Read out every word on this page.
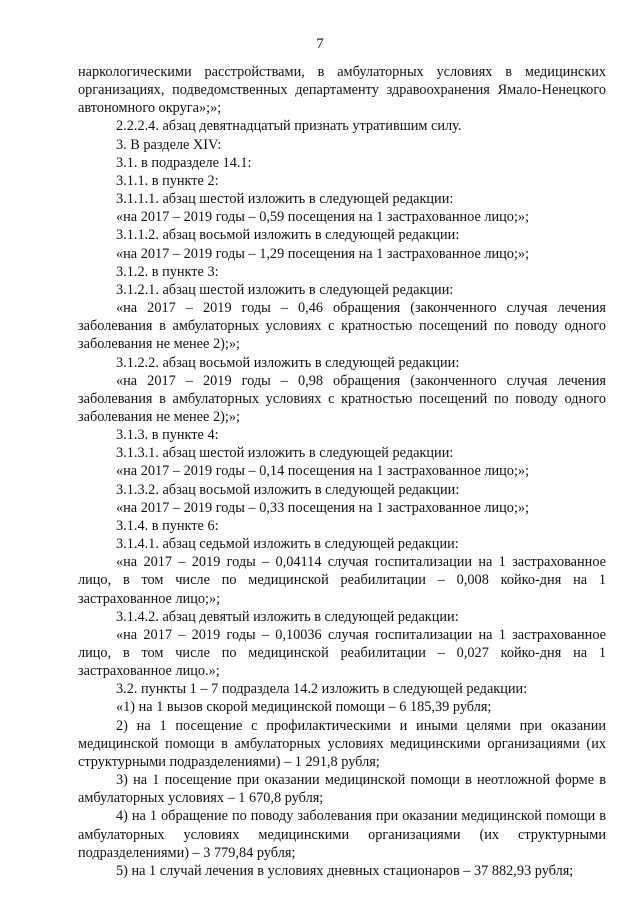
7

наркологическими расстройствами, в амбулаторных условиях в медицинских организациях, подведомственных департаменту здравоохранения Ямало-Ненецкого автономного округа»;»;

2.2.2.4. абзац девятнадцатый признать утратившим силу.

3. В разделе XIV:

3.1. в подразделе 14.1:

3.1.1. в пункте 2:

3.1.1.1. абзац шестой изложить в следующей редакции:

«на 2017 – 2019 годы – 0,59 посещения на 1 застрахованное лицо;»;

3.1.1.2. абзац восьмой изложить в следующей редакции:

«на 2017 – 2019 годы – 1,29 посещения на 1 застрахованное лицо;»;

3.1.2. в пункте 3:

3.1.2.1. абзац шестой изложить в следующей редакции:

«на 2017 – 2019 годы – 0,46 обращения (законченного случая лечения заболевания в амбулаторных условиях с кратностью посещений по поводу одного заболевания не менее 2);»;

3.1.2.2. абзац восьмой изложить в следующей редакции:

«на 2017 – 2019 годы – 0,98 обращения (законченного случая лечения заболевания в амбулаторных условиях с кратностью посещений по поводу одного заболевания не менее 2);»;

3.1.3. в пункте 4:

3.1.3.1. абзац шестой изложить в следующей редакции:

«на 2017 – 2019 годы – 0,14 посещения на 1 застрахованное лицо;»;

3.1.3.2. абзац восьмой изложить в следующей редакции:

«на 2017 – 2019 годы – 0,33 посещения на 1 застрахованное лицо;»;

3.1.4. в пункте 6:

3.1.4.1. абзац седьмой изложить в следующей редакции:

«на 2017 – 2019 годы – 0,04114 случая госпитализации на 1 застрахованное лицо, в том числе по медицинской реабилитации – 0,008 койко-дня на 1 застрахованное лицо;»;

3.1.4.2. абзац девятый изложить в следующей редакции:

«на 2017 – 2019 годы – 0,10036 случая госпитализации на 1 застрахованное лицо, в том числе по медицинской реабилитации – 0,027 койко-дня на 1 застрахованное лицо.»;

3.2. пункты 1 – 7 подраздела 14.2 изложить в следующей редакции:

«1) на 1 вызов скорой медицинской помощи – 6 185,39 рубля;

2) на 1 посещение с профилактическими и иными целями при оказании медицинской помощи в амбулаторных условиях медицинскими организациями (их структурными подразделениями) – 1 291,8 рубля;

3) на 1 посещение при оказании медицинской помощи в неотложной форме в амбулаторных условиях – 1 670,8 рубля;

4) на 1 обращение по поводу заболевания при оказании медицинской помощи в амбулаторных условиях медицинскими организациями (их структурными подразделениями) – 3 779,84 рубля;

5) на 1 случай лечения в условиях дневных стационаров – 37 882,93 рубля;
